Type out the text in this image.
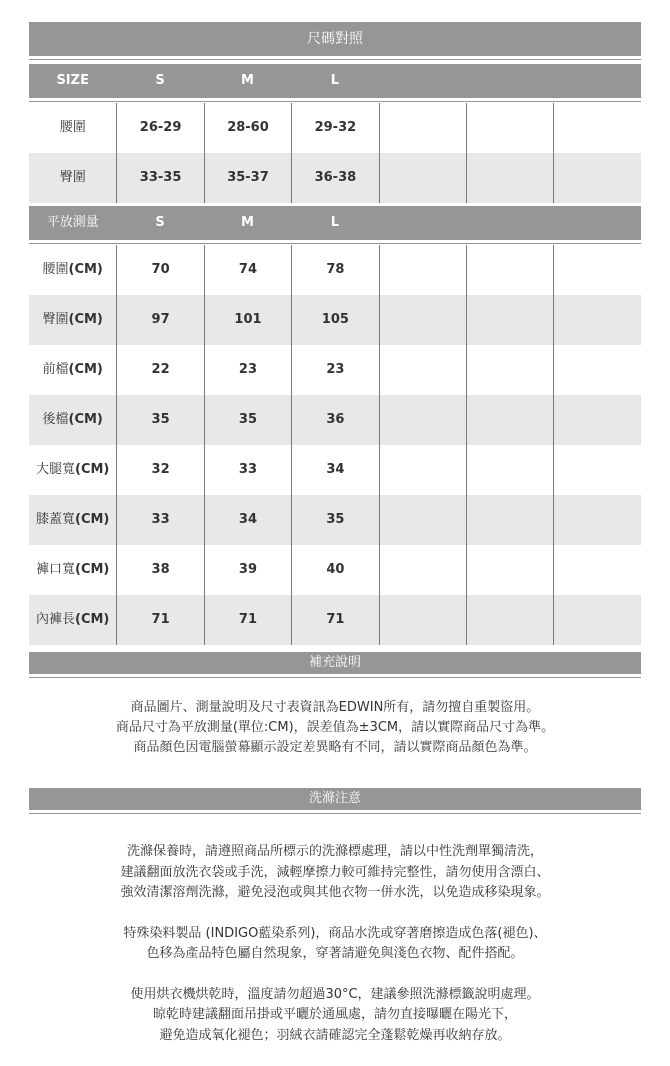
尺碼對照
SIZE	S	M	L
腰圍	26-29	28-60	29-32
臀圍	33-35	35-37	36-38
平放測量	S	M	L
腰圍(CM)	70	74	78
臀圍(CM)	97	101	105
前檔(CM)	22	23	23
後檔(CM)	35	35	36
大腿寬(CM)	32	33	34
膝蓋寬(CM)	33	34	35
褲口寬(CM)	38	39	40
內褲長(CM)	71	71	71
補充說明
商品圖片、測量說明及尺寸表資訊為EDWIN所有，請勿擅自重製盜用。
商品尺寸為平放測量(單位:CM)，誤差值為±3CM，請以實際商品尺寸為準。
商品顏色因電腦螢幕顯示設定差異略有不同，請以實際商品顏色為準。
洗滌注意

洗滌保養時，請遵照商品所標示的洗滌標處理，請以中性洗劑單獨清洗，
建議翻面放洗衣袋或手洗，減輕摩擦力較可維持完整性，請勿使用含漂白、
強效清潔溶劑洗滌，避免浸泡或與其他衣物一併水洗，以免造成移染現象。

特殊染料製品 (INDIGO藍染系列)，商品水洗或穿著磨擦造成色落(褪色)、
色移為產品特色屬自然現象，穿著請避免與淺色衣物、配件搭配。

使用烘衣機烘乾時，溫度請勿超過30°C，建議參照洗滌標籤說明處理。
晾乾時建議翻面吊掛或平曬於通風處，請勿直接曝曬在陽光下，
避免造成氧化褪色；羽絨衣請確認完全蓬鬆乾燥再收納存放。
